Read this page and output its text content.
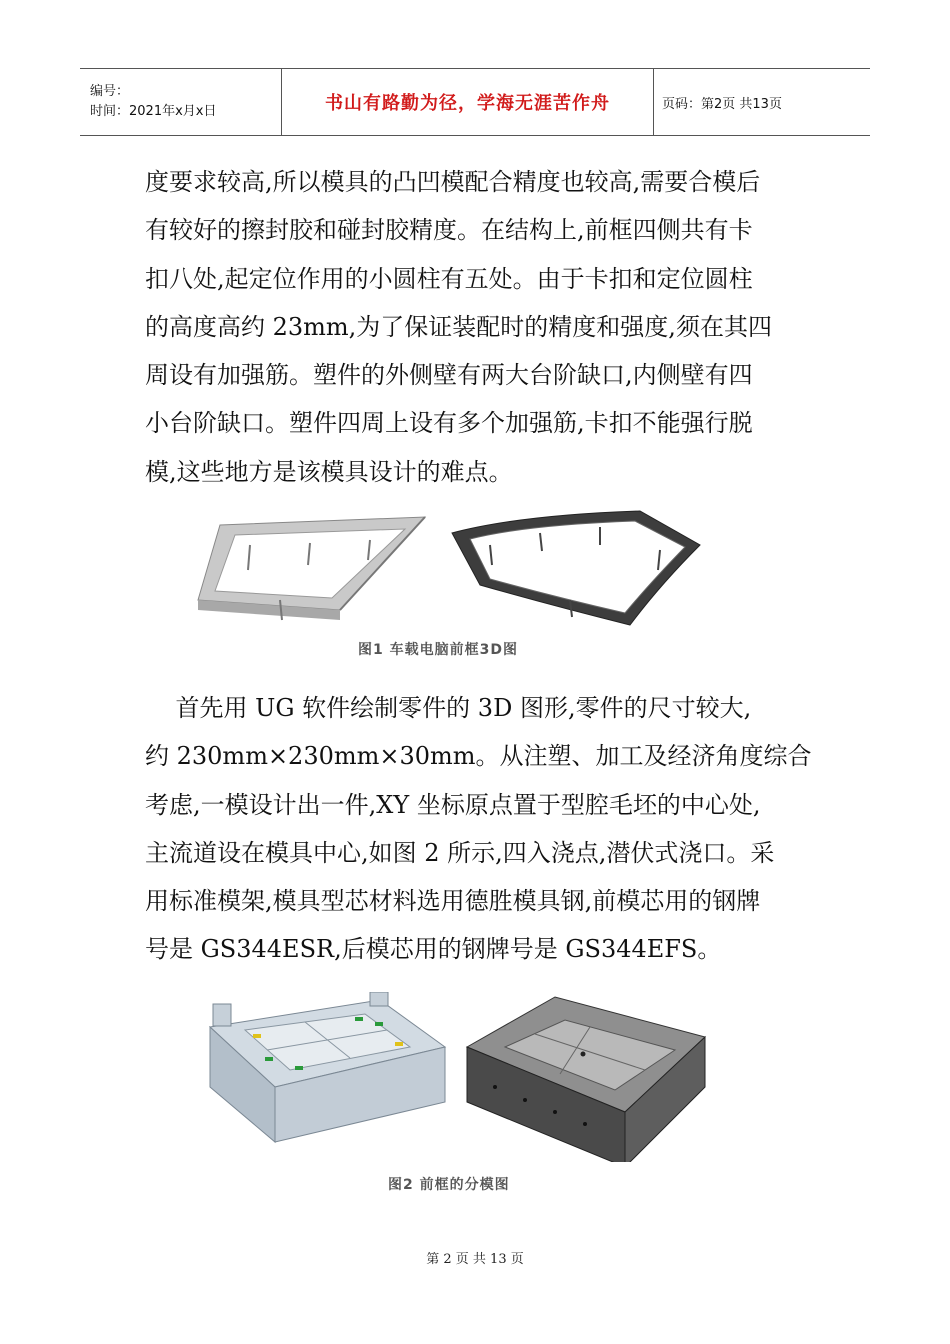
编号：
时间：2021年x月x日	书山有路勤为径，学海无涯苦作舟	页码：第2页 共13页
度要求较高,所以模具的凸凹模配合精度也较高,需要合模后
有较好的擦封胶和碰封胶精度。在结构上,前框四侧共有卡
扣八处,起定位作用的小圆柱有五处。由于卡扣和定位圆柱
的高度高约 23mm,为了保证装配时的精度和强度,须在其四
周设有加强筋。塑件的外侧壁有两大台阶缺口,内侧壁有四
小台阶缺口。塑件四周上设有多个加强筋,卡扣不能强行脱
模,这些地方是该模具设计的难点。
图1 车载电脑前框3D图
首先用 UG 软件绘制零件的 3D 图形,零件的尺寸较大,
约 230mm×230mm×30mm。从注塑、加工及经济角度综合
考虑,一模设计出一件,XY 坐标原点置于型腔毛坯的中心处,
主流道设在模具中心,如图 2 所示,四入浇点,潜伏式浇口。采
用标准模架,模具型芯材料选用德胜模具钢,前模芯用的钢牌
号是 GS344ESR,后模芯用的钢牌号是 GS344EFS。
图2 前框的分模图
第 2 页 共 13 页
